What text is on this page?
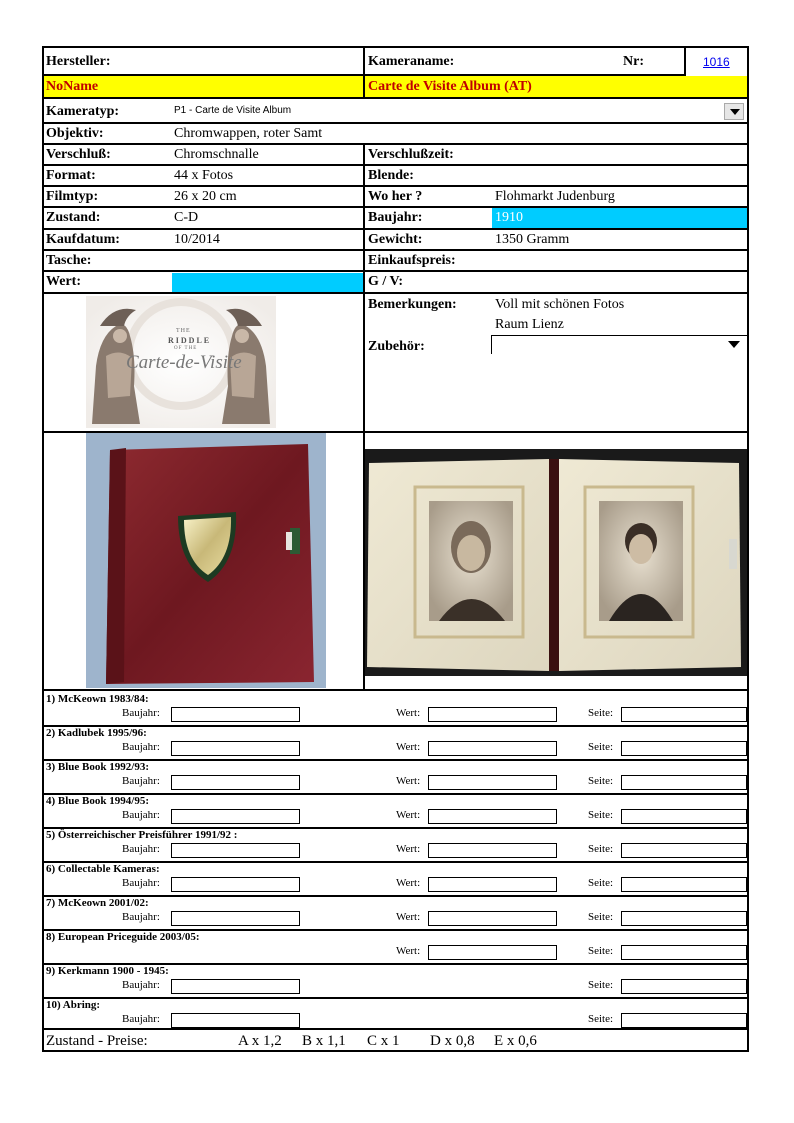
Hersteller:	Kameraname:	Nr:	1016
NoName	Carte de Visite Album (AT)
Kameratyp:	P1 - Carte de Visite Album
Objektiv:	Chromwappen, roter Samt
Verschluß:	Chromschnalle	Verschlußzeit:
Format:	44 x Fotos	Blende:
Filmtyp:	26 x 20 cm	Wo her ?	Flohmarkt Judenburg
Zustand:	C-D	Baujahr:	1910
Kaufdatum:	10/2014	Gewicht:	1350 Gramm
Tasche:	Einkaufspreis:
Wert:	G / V:
Bemerkungen:	Voll mit schönen Fotos
Raum Lienz
Zubehör:
THE
RIDDLE
OF THE
Carte-de-Visite
1) McKeown 1983/84:
Baujahr:	Wert:	Seite:
2) Kadlubek 1995/96:
Baujahr:	Wert:	Seite:
3) Blue Book 1992/93:
Baujahr:	Wert:	Seite:
4) Blue Book 1994/95:
Baujahr:	Wert:	Seite:
5) Österreichischer Preisführer 1991/92 :
Baujahr:	Wert:	Seite:
6) Collectable Kameras:
Baujahr:	Wert:	Seite:
7) McKeown 2001/02:
Baujahr:	Wert:	Seite:
8) European Priceguide 2003/05:
Wert:	Seite:
9) Kerkmann 1900 - 1945:
Baujahr:	Seite:
10) Abring:
Baujahr:	Seite:
Zustand - Preise:	A x 1,2 B x 1,1 C x 1 D x 0,8 E x 0,6
